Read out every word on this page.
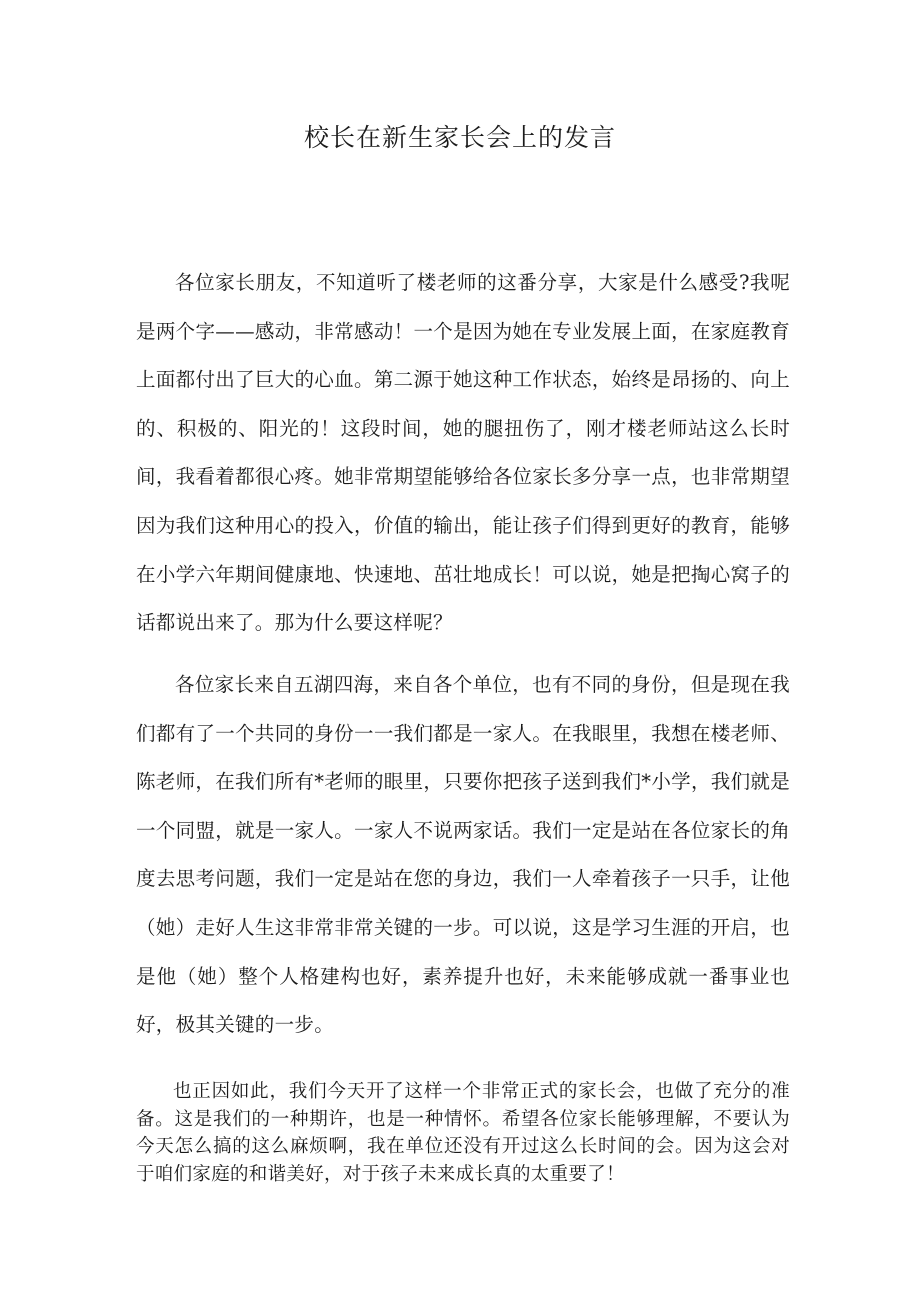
校长在新生家长会上的发言

各位家长朋友，不知道听了楼老师的这番分享，大家是什么感受?我呢是两个字——感动，非常感动！一个是因为她在专业发展上面，在家庭教育上面都付出了巨大的心血。第二源于她这种工作状态，始终是昂扬的、向上的、积极的、阳光的！这段时间，她的腿扭伤了，刚才楼老师站这么长时间，我看着都很心疼。她非常期望能够给各位家长多分享一点，也非常期望因为我们这种用心的投入，价值的输出，能让孩子们得到更好的教育，能够在小学六年期间健康地、快速地、茁壮地成长！可以说，她是把掏心窝子的话都说出来了。那为什么要这样呢？

各位家长来自五湖四海，来自各个单位，也有不同的身份，但是现在我们都有了一个共同的身份一一我们都是一家人。在我眼里，我想在楼老师、陈老师，在我们所有*老师的眼里，只要你把孩子送到我们*小学，我们就是一个同盟，就是一家人。一家人不说两家话。我们一定是站在各位家长的角度去思考问题，我们一定是站在您的身边，我们一人牵着孩子一只手，让他（她）走好人生这非常非常关键的一步。可以说，这是学习生涯的开启，也是他（她）整个人格建构也好，素养提升也好，未来能够成就一番事业也好，极其关键的一步。

也正因如此，我们今天开了这样一个非常正式的家长会，也做了充分的准备。这是我们的一种期许，也是一种情怀。希望各位家长能够理解，不要认为今天怎么搞的这么麻烦啊，我在单位还没有开过这么长时间的会。因为这会对于咱们家庭的和谐美好，对于孩子未来成长真的太重要了！
